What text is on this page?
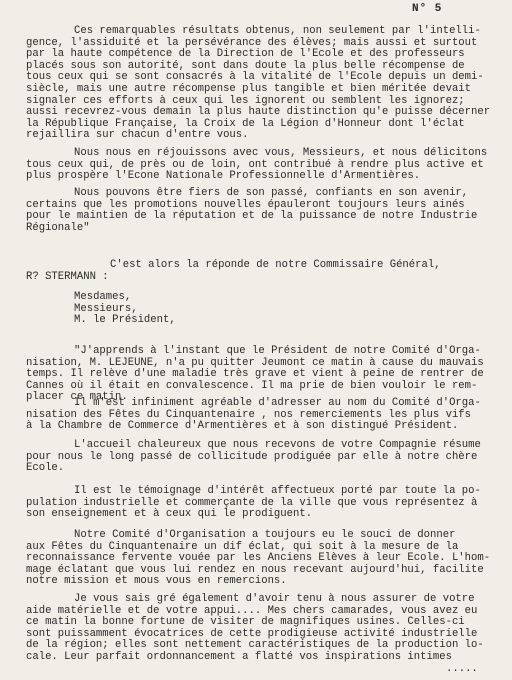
N° 5
Ces remarquables résultats obtenus, non seulement par l'intelli-
gence, l'assiduité et la persévérance des élèves; mais aussi et surtout
par la haute compétence de la Direction de l'Ecole et des professeurs
placés sous son autorité, sont dans doute la plus belle récompense de
tous ceux qui se sont consacrés à la vitalité de l'Ecole depuis un demi-
siècle, mais une autre récompense plus tangible et bien méritée devait
signaler ces efforts à ceux qui les ignorent ou semblent les ignorez;
aussi recevrez-vous demain la plus haute distinction qu'e puisse décerner
la République Française, la Croix de la Légion d'Honneur dont l'éclat
rejaillira sur chacun d'entre vous.
Nous nous en réjouissons avec vous, Messieurs, et nous délicitons
tous ceux qui, de près ou de loin, ont contribué à rendre plus active et
plus prospère l'Econe Nationale Professionnelle d'Armentières.
Nous pouvons être fiers de son passé, confiants en son avenir,
certains que les promotions nouvelles épauleront toujours leurs ainés
pour le maintien de la réputation et de la puissance de notre Industrie
Régionale"
C'est alors la réponde de notre Commissaire Général,
R? STERMANN :
Mesdames,
Messieurs,
M. le Président,
"J'apprends à l'instant que le Président de notre Comité d'Orga-
nisation, M. LEJEUNE, n'a pu quitter Jeumont ce matin à cause du mauvais
temps. Il relève d'une maladie très grave et vient à peine de rentrer de
Cannes où il était en convalescence. Il ma prie de bien vouloir le rem-
placer ce matin.
Il m'est infiniment agréable d'adresser au nom du Comité d'Orga-
nisation des Fêtes du Cinquantenaire , nos remerciements les plus vifs
à la Chambre de Commerce d'Armentières et à son distingué Président.
L'accueil chaleureux que nous recevons de votre Compagnie résume
pour nous le long passé de collicitude prodiguée par elle à notre chère
Ecole.
Il est le témoignage d'intérêt affectueux porté par toute la po-
pulation industrielle et commerçante de la ville que vous représentez à
son enseignement et à ceux qui le prodiguent.
Notre Comité d'Organisation a toujours eu le souci de donner
aux Fêtes du Cinquantenaire un dif éclat, qui soit à la mesure de la
reconnaissance fervente vouée par les Anciens Elèves à leur Ecole. L'hom-
mage éclatant que vous lui rendez en nous recevant aujourd'hui, facilite
notre mission et mous vous en remercions.
Je vous sais gré également d'avoir tenu à nous assurer de votre
aide matérielle et de votre appui.... Mes chers camarades, vous avez eu
ce matin la bonne fortune de visiter de magnifiques usines. Celles-ci
sont puissamment évocatrices de cette prodigieuse activité industrielle
de la région; elles sont nettement caractéristiques de la production lo-
cale. Leur parfait ordonnancement a flatté vos inspirations intimes
.....
